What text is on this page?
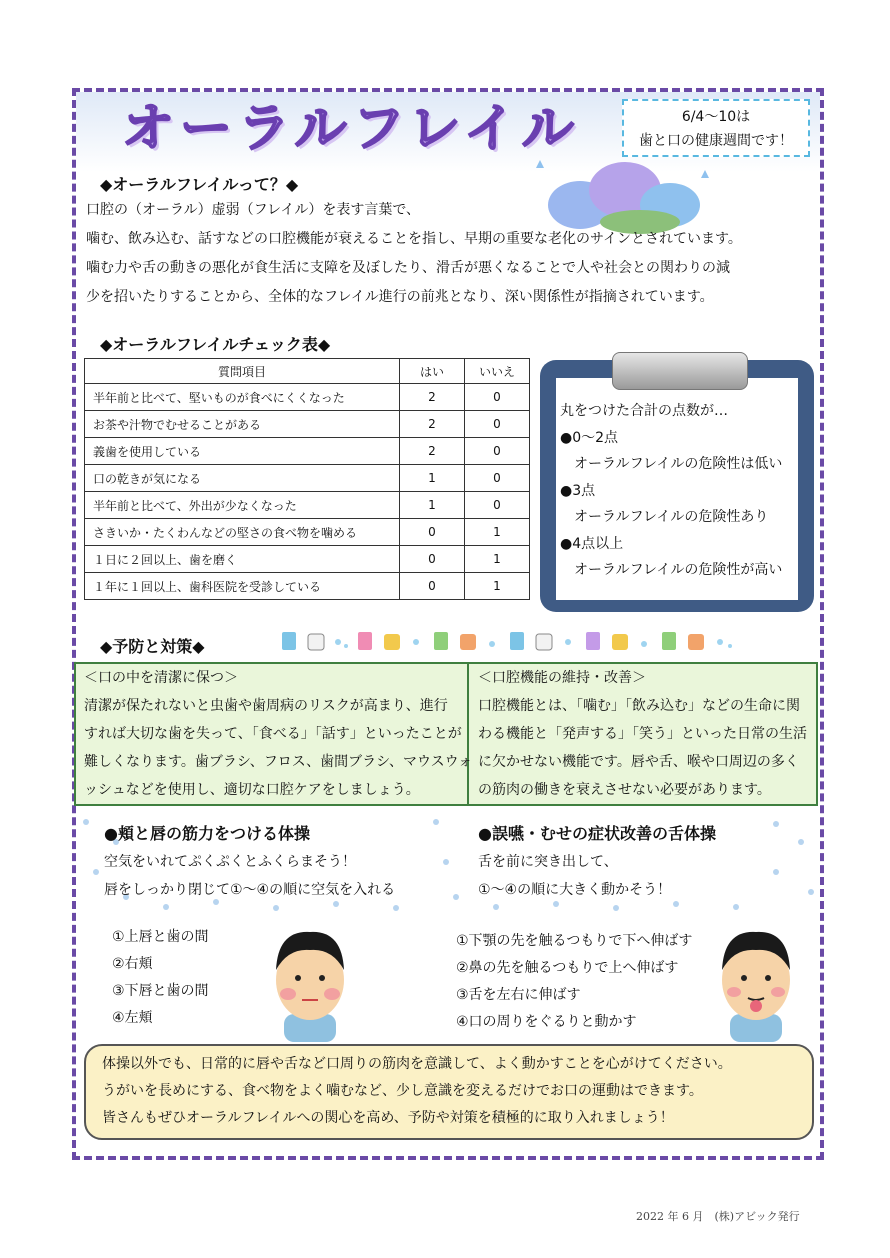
オーラルフレイル	6/4～10は
歯と口の健康週間です！
◆オーラルフレイルって？◆
口腔の（オーラル）虚弱（フレイル）を表す言葉で、
噛む、飲み込む、話すなどの口腔機能が衰えることを指し、早期の重要な老化のサインとされています。
噛む力や舌の動きの悪化が食生活に支障を及ぼしたり、滑舌が悪くなることで人や社会との関わりの減
少を招いたりすることから、全体的なフレイル進行の前兆となり、深い関係性が指摘されています。
◆オーラルフレイルチェック表◆
質問項目	はい	いいえ
半年前と比べて、堅いものが食べにくくなった	2	0
お茶や汁物でむせることがある	2	0
義歯を使用している	2	0
口の乾きが気になる	1	0
半年前と比べて、外出が少なくなった	1	0
さきいか・たくわんなどの堅さの食べ物を噛める	0	1
１日に２回以上、歯を磨く	0	1
１年に１回以上、歯科医院を受診している	0	1
丸をつけた合計の点数が…
●0～2点
　オーラルフレイルの危険性は低い
●3点
　オーラルフレイルの危険性あり
●4点以上
　オーラルフレイルの危険性が高い
◆予防と対策◆
＜口の中を清潔に保つ＞
清潔が保たれないと虫歯や歯周病のリスクが高まり、進行
すれば大切な歯を失って、「食べる」「話す」といったことが
難しくなります。歯ブラシ、フロス、歯間ブラシ、マウスウォ
ッシュなどを使用し、適切な口腔ケアをしましょう。
＜口腔機能の維持・改善＞
口腔機能とは、「噛む」「飲み込む」などの生命に関
わる機能と「発声する」「笑う」といった日常の生活
に欠かせない機能です。唇や舌、喉や口周辺の多く
の筋肉の働きを衰えさせない必要があります。
●頬と唇の筋力をつける体操
空気をいれてぷくぷくとふくらまそう！
唇をしっかり閉じて①～④の順に空気を入れる
●誤嚥・むせの症状改善の舌体操
舌を前に突き出して、
①～④の順に大きく動かそう！
①上唇と歯の間
②右頬
③下唇と歯の間
④左頬
①下顎の先を触るつもりで下へ伸ばす
②鼻の先を触るつもりで上へ伸ばす
③舌を左右に伸ばす
④口の周りをぐるりと動かす
体操以外でも、日常的に唇や舌など口周りの筋肉を意識して、よく動かすことを心がけてください。
うがいを長めにする、食べ物をよく噛むなど、少し意識を変えるだけでお口の運動はできます。
皆さんもぜひオーラルフレイルへの関心を高め、予防や対策を積極的に取り入れましょう！
2022 年 6 月　(株)アビック発行
